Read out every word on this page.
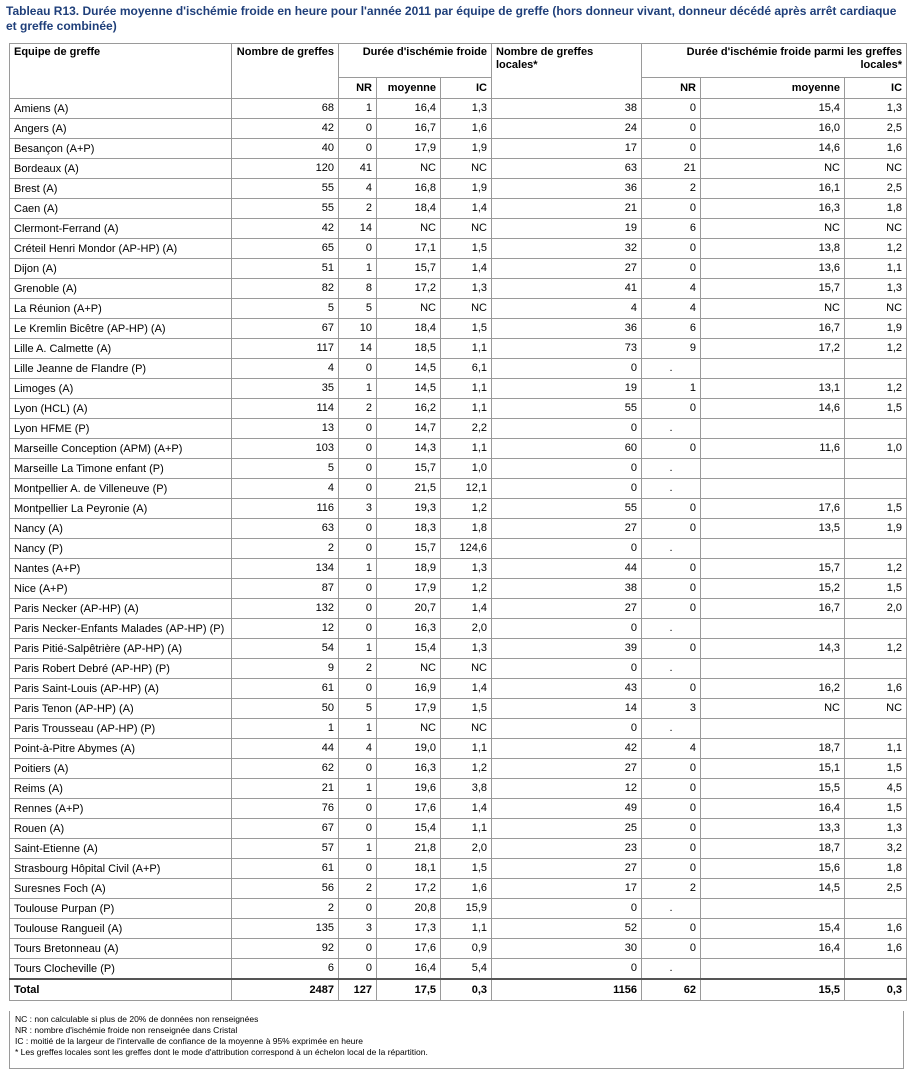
Tableau R13. Durée moyenne d'ischémie froide en heure pour l'année 2011 par équipe de greffe (hors donneur vivant, donneur décédé après arrêt cardiaque et greffe combinée)
Equipe de greffe	Nombre de greffes	Durée d'ischémie froide			Nombre de greffes locales*	Durée d'ischémie froide parmi les greffes locales*		
		NR	moyenne	IC		NR	moyenne	IC
Amiens (A)	68	1	16,4	1,3	38	0	15,4	1,3
Angers (A)	42	0	16,7	1,6	24	0	16,0	2,5
Besançon (A+P)	40	0	17,9	1,9	17	0	14,6	1,6
Bordeaux (A)	120	41	NC	NC	63	21	NC	NC
Brest (A)	55	4	16,8	1,9	36	2	16,1	2,5
Caen (A)	55	2	18,4	1,4	21	0	16,3	1,8
Clermont-Ferrand (A)	42	14	NC	NC	19	6	NC	NC
Créteil Henri Mondor (AP-HP) (A)	65	0	17,1	1,5	32	0	13,8	1,2
Dijon (A)	51	1	15,7	1,4	27	0	13,6	1,1
Grenoble (A)	82	8	17,2	1,3	41	4	15,7	1,3
La Réunion (A+P)	5	5	NC	NC	4	4	NC	NC
Le Kremlin Bicêtre (AP-HP) (A)	67	10	18,4	1,5	36	6	16,7	1,9
Lille A. Calmette (A)	117	14	18,5	1,1	73	9	17,2	1,2
Lille Jeanne de Flandre (P)	4	0	14,5	6,1	0	.		
Limoges (A)	35	1	14,5	1,1	19	1	13,1	1,2
Lyon (HCL) (A)	114	2	16,2	1,1	55	0	14,6	1,5
Lyon HFME (P)	13	0	14,7	2,2	0	.		
Marseille Conception (APM) (A+P)	103	0	14,3	1,1	60	0	11,6	1,0
Marseille La Timone enfant (P)	5	0	15,7	1,0	0	.		
Montpellier A. de Villeneuve (P)	4	0	21,5	12,1	0	.		
Montpellier La Peyronie (A)	116	3	19,3	1,2	55	0	17,6	1,5
Nancy (A)	63	0	18,3	1,8	27	0	13,5	1,9
Nancy (P)	2	0	15,7	124,6	0	.		
Nantes (A+P)	134	1	18,9	1,3	44	0	15,7	1,2
Nice (A+P)	87	0	17,9	1,2	38	0	15,2	1,5
Paris Necker (AP-HP) (A)	132	0	20,7	1,4	27	0	16,7	2,0
Paris Necker-Enfants Malades (AP-HP) (P)	12	0	16,3	2,0	0	.		
Paris Pitié-Salpêtrière (AP-HP) (A)	54	1	15,4	1,3	39	0	14,3	1,2
Paris Robert Debré (AP-HP) (P)	9	2	NC	NC	0	.		
Paris Saint-Louis (AP-HP) (A)	61	0	16,9	1,4	43	0	16,2	1,6
Paris Tenon (AP-HP) (A)	50	5	17,9	1,5	14	3	NC	NC
Paris Trousseau (AP-HP) (P)	1	1	NC	NC	0	.		
Point-à-Pitre Abymes (A)	44	4	19,0	1,1	42	4	18,7	1,1
Poitiers (A)	62	0	16,3	1,2	27	0	15,1	1,5
Reims (A)	21	1	19,6	3,8	12	0	15,5	4,5
Rennes (A+P)	76	0	17,6	1,4	49	0	16,4	1,5
Rouen (A)	67	0	15,4	1,1	25	0	13,3	1,3
Saint-Etienne (A)	57	1	21,8	2,0	23	0	18,7	3,2
Strasbourg Hôpital Civil (A+P)	61	0	18,1	1,5	27	0	15,6	1,8
Suresnes Foch (A)	56	2	17,2	1,6	17	2	14,5	2,5
Toulouse Purpan (P)	2	0	20,8	15,9	0	.		
Toulouse Rangueil (A)	135	3	17,3	1,1	52	0	15,4	1,6
Tours Bretonneau (A)	92	0	17,6	0,9	30	0	16,4	1,6
Tours Clocheville (P)	6	0	16,4	5,4	0	.		
Total	2487	127	17,5	0,3	1156	62	15,5	0,3
NC : non calculable si plus de 20% de données non renseignées
NR : nombre d'ischémie froide non renseignée dans Cristal
IC : moitié de la largeur de l'intervalle de confiance de la moyenne à 95% exprimée en heure
* Les greffes locales sont les greffes dont le mode d'attribution correspond à un échelon local de la répartition.
